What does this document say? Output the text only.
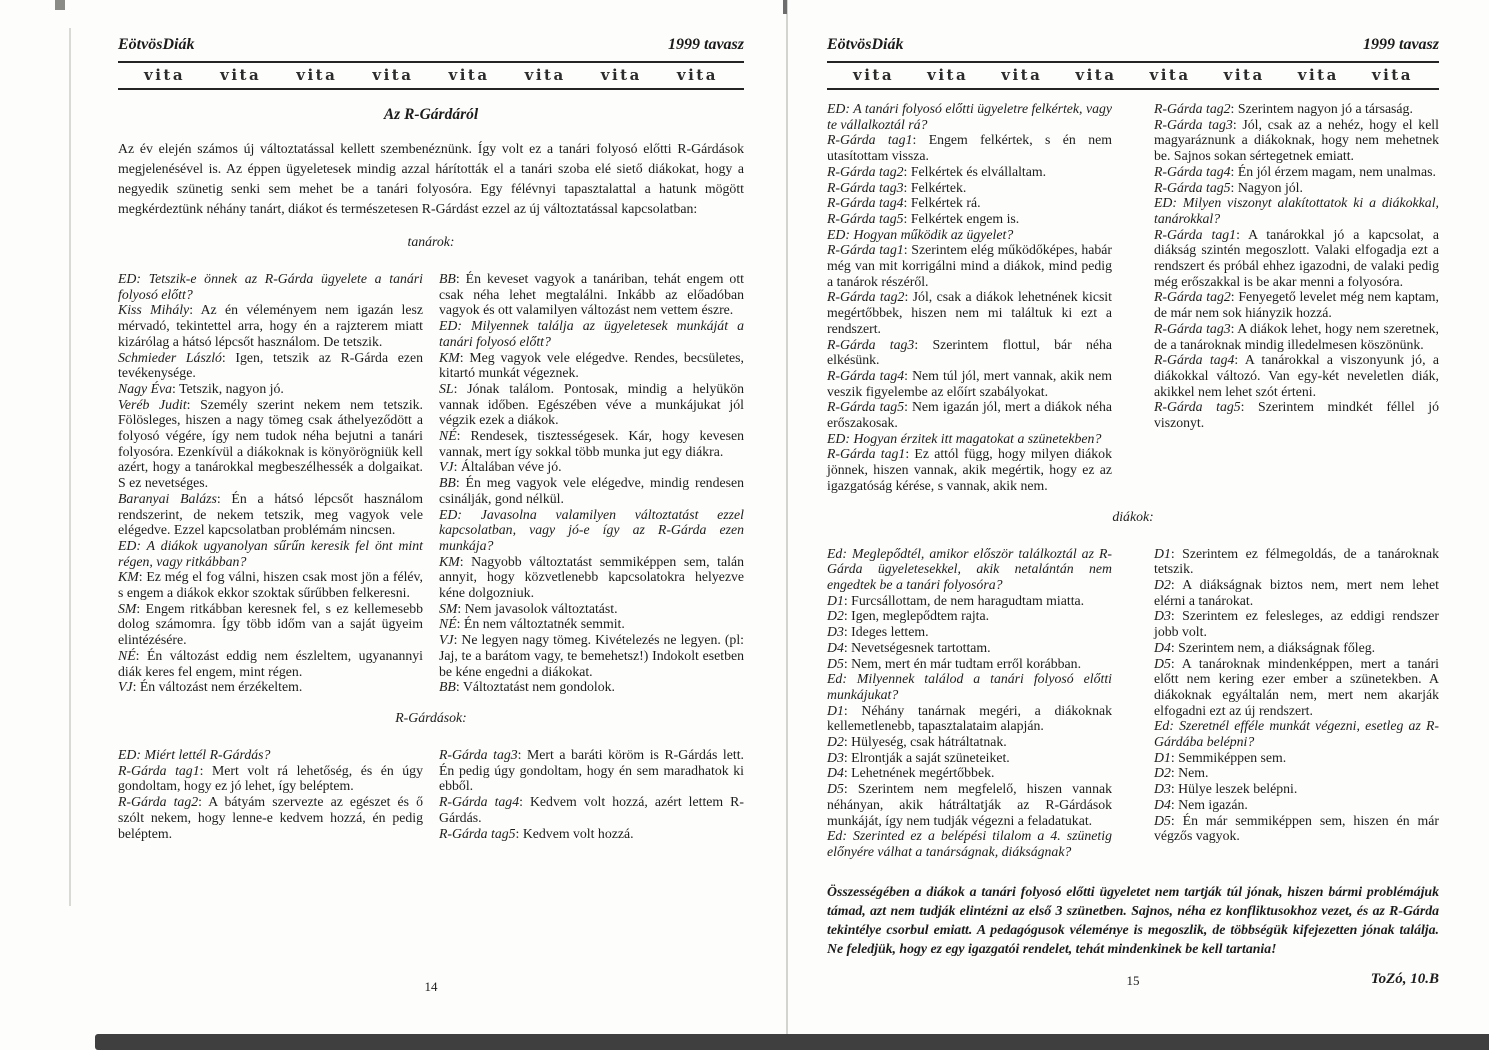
EötvösDiák	1999 tavasz
vita vita vita vita vita vita vita vita
Az R-Gárdáról

Az év elején számos új változtatással kellett szembenéznünk. Így volt ez a tanári folyosó előtti R-Gárdások megjelenésével is. Az éppen ügyeletesek mindig azzal hárították el a tanári szoba elé siető diákokat, hogy a negyedik szünetig senki sem mehet be a tanári folyosóra. Egy félévnyi tapasztalattal a hatunk mögött megkérdeztünk néhány tanárt, diákot és természetesen R-Gárdást ezzel az új változtatással kapcsolatban:

tanárok:

ED: Tetszik-e önnek az R-Gárda ügyelete a tanári folyosó előtt?

Kiss Mihály: Az én véleményem nem igazán lesz mérvadó, tekintettel arra, hogy én a rajzterem miatt kizárólag a hátsó lépcsőt használom. De tetszik.

Schmieder László: Igen, tetszik az R-Gárda ezen tevékenysége.

Nagy Éva: Tetszik, nagyon jó.

Veréb Judit: Személy szerint nekem nem tetszik. Fölösleges, hiszen a nagy tömeg csak áthelyeződött a folyosó végére, így nem tudok néha bejutni a tanári folyosóra. Ezenkívül a diákoknak is könyörögniük kell azért, hogy a tanárokkal megbeszélhessék a dolgaikat. S ez nevetséges.

Baranyai Balázs: Én a hátsó lépcsőt használom rendszerint, de nekem tetszik, meg vagyok vele elégedve. Ezzel kapcsolatban problémám nincsen.

ED: A diákok ugyanolyan sűrűn keresik fel önt mint régen, vagy ritkábban?

KM: Ez még el fog válni, hiszen csak most jön a félév, s engem a diákok ekkor szoktak sűrűbben felkeresni.

SM: Engem ritkábban keresnek fel, s ez kellemesebb dolog számomra. Így több időm van a saját ügyeim elintézésére.

NÉ: Én változást eddig nem észleltem, ugyanannyi diák keres fel engem, mint régen.

VJ: Én változást nem érzékeltem.

BB: Én keveset vagyok a tanáriban, tehát engem ott csak néha lehet megtalálni. Inkább az előadóban vagyok és ott valamilyen változást nem vettem észre.

ED: Milyennek találja az ügyeletesek munkáját a tanári folyosó előtt?

KM: Meg vagyok vele elégedve. Rendes, becsületes, kitartó munkát végeznek.

SL: Jónak találom. Pontosak, mindig a helyükön vannak időben. Egészében véve a munkájukat jól végzik ezek a diákok.

NÉ: Rendesek, tisztességesek. Kár, hogy kevesen vannak, mert így sokkal több munka jut egy diákra.

VJ: Általában véve jó.

BB: Én meg vagyok vele elégedve, mindig rendesen csinálják, gond nélkül.

ED: Javasolna valamilyen változtatást ezzel kapcsolatban, vagy jó-e így az R-Gárda ezen munkája?

KM: Nagyobb változtatást semmiképpen sem, talán annyit, hogy közvetlenebb kapcsolatokra helyezve kéne dolgozniuk.

SM: Nem javasolok változtatást.

NÉ: Én nem változtatnék semmit.

VJ: Ne legyen nagy tömeg. Kivételezés ne legyen. (pl: Jaj, te a barátom vagy, te bemehetsz!) Indokolt esetben be kéne engedni a diákokat.

BB: Változtatást nem gondolok.

R-Gárdások:

ED: Miért lettél R-Gárdás?

R-Gárda tag1: Mert volt rá lehetőség, és én úgy gondoltam, hogy ez jó lehet, így beléptem.

R-Gárda tag2: A bátyám szervezte az egészet és ő szólt nekem, hogy lenne-e kedvem hozzá, én pedig beléptem.

R-Gárda tag3: Mert a baráti köröm is R-Gárdás lett. Én pedig úgy gondoltam, hogy én sem maradhatok ki ebből.

R-Gárda tag4: Kedvem volt hozzá, azért lettem R-Gárdás.

R-Gárda tag5: Kedvem volt hozzá.

14
EötvösDiák	1999 tavasz
vita vita vita vita vita vita vita vita

ED: A tanári folyosó előtti ügyeletre felkértek, vagy te vállalkoztál rá?

R-Gárda tag1: Engem felkértek, s én nem utasítottam vissza.

R-Gárda tag2: Felkértek és elvállaltam.

R-Gárda tag3: Felkértek.

R-Gárda tag4: Felkértek rá.

R-Gárda tag5: Felkértek engem is.

ED: Hogyan működik az ügyelet?

R-Gárda tag1: Szerintem elég működőképes, habár még van mit korrigálni mind a diákok, mind pedig a tanárok részéről.

R-Gárda tag2: Jól, csak a diákok lehetnének kicsit megértőbbek, hiszen nem mi találtuk ki ezt a rendszert.

R-Gárda tag3: Szerintem flottul, bár néha elkésünk.

R-Gárda tag4: Nem túl jól, mert vannak, akik nem veszik figyelembe az előírt szabályokat.

R-Gárda tag5: Nem igazán jól, mert a diákok néha erőszakosak.

ED: Hogyan érzitek itt magatokat a szünetekben?

R-Gárda tag1: Ez attól függ, hogy milyen diákok jönnek, hiszen vannak, akik megértik, hogy ez az igazgatóság kérése, s vannak, akik nem.

R-Gárda tag2: Szerintem nagyon jó a társaság.

R-Gárda tag3: Jól, csak az a nehéz, hogy el kell magyaráznunk a diákoknak, hogy nem mehetnek be. Sajnos sokan sértegetnek emiatt.

R-Gárda tag4: Én jól érzem magam, nem unalmas.

R-Gárda tag5: Nagyon jól.

ED: Milyen viszonyt alakítottatok ki a diákokkal, tanárokkal?

R-Gárda tag1: A tanárokkal jó a kapcsolat, a diákság szintén megoszlott. Valaki elfogadja ezt a rendszert és próbál ehhez igazodni, de valaki pedig még erőszakkal is be akar menni a folyosóra.

R-Gárda tag2: Fenyegető levelet még nem kaptam, de már nem sok hiányzik hozzá.

R-Gárda tag3: A diákok lehet, hogy nem szeretnek, de a tanároknak mindig illedelmesen köszönünk.

R-Gárda tag4: A tanárokkal a viszonyunk jó, a diákokkal változó. Van egy-két neveletlen diák, akikkel nem lehet szót érteni.

R-Gárda tag5: Szerintem mindkét féllel jó viszonyt.

diákok:

Ed: Meglepődtél, amikor először találkoztál az R-Gárda ügyeletesekkel, akik netalántán nem engedtek be a tanári folyosóra?

D1: Furcsállottam, de nem haragudtam miatta.

D2: Igen, meglepődtem rajta.

D3: Ideges lettem.

D4: Nevetségesnek tartottam.

D5: Nem, mert én már tudtam erről korábban.

Ed: Milyennek találod a tanári folyosó előtti munkájukat?

D1: Néhány tanárnak megéri, a diákoknak kellemetlenebb, tapasztalataim alapján.

D2: Hülyeség, csak hátráltatnak.

D3: Elrontják a saját szüneteiket.

D4: Lehetnének megértőbbek.

D5: Szerintem nem megfelelő, hiszen vannak néhányan, akik hátráltatják az R-Gárdások munkáját, így nem tudják végezni a feladatukat.

Ed: Szerinted ez a belépési tilalom a 4. szünetig előnyére válhat a tanárságnak, diákságnak?

D1: Szerintem ez félmegoldás, de a tanároknak tetszik.

D2: A diákságnak biztos nem, mert nem lehet elérni a tanárokat.

D3: Szerintem ez felesleges, az eddigi rendszer jobb volt.

D4: Szerintem nem, a diákságnak főleg.

D5: A tanároknak mindenképpen, mert a tanári előtt nem kering ezer ember a szünetekben. A diákoknak egyáltalán nem, mert nem akarják elfogadni ezt az új rendszert.

Ed: Szeretnél efféle munkát végezni, esetleg az R-Gárdába belépni?

D1: Semmiképpen sem.

D2: Nem.

D3: Hülye leszek belépni.

D4: Nem igazán.

D5: Én már semmiképpen sem, hiszen én már végzős vagyok.

Összességében a diákok a tanári folyosó előtti ügyeletet nem tartják túl jónak, hiszen bármi problémájuk támad, azt nem tudják elintézni az első 3 szünetben. Sajnos, néha ez konfliktusokhoz vezet, és az R-Gárda tekintélye csorbul emiatt. A pedagógusok véleménye is megoszlik, de többségük kifejezetten jónak találja. Ne feledjük, hogy ez egy igazgatói rendelet, tehát mindenkinek be kell tartania!

ToZó, 10.B
15
